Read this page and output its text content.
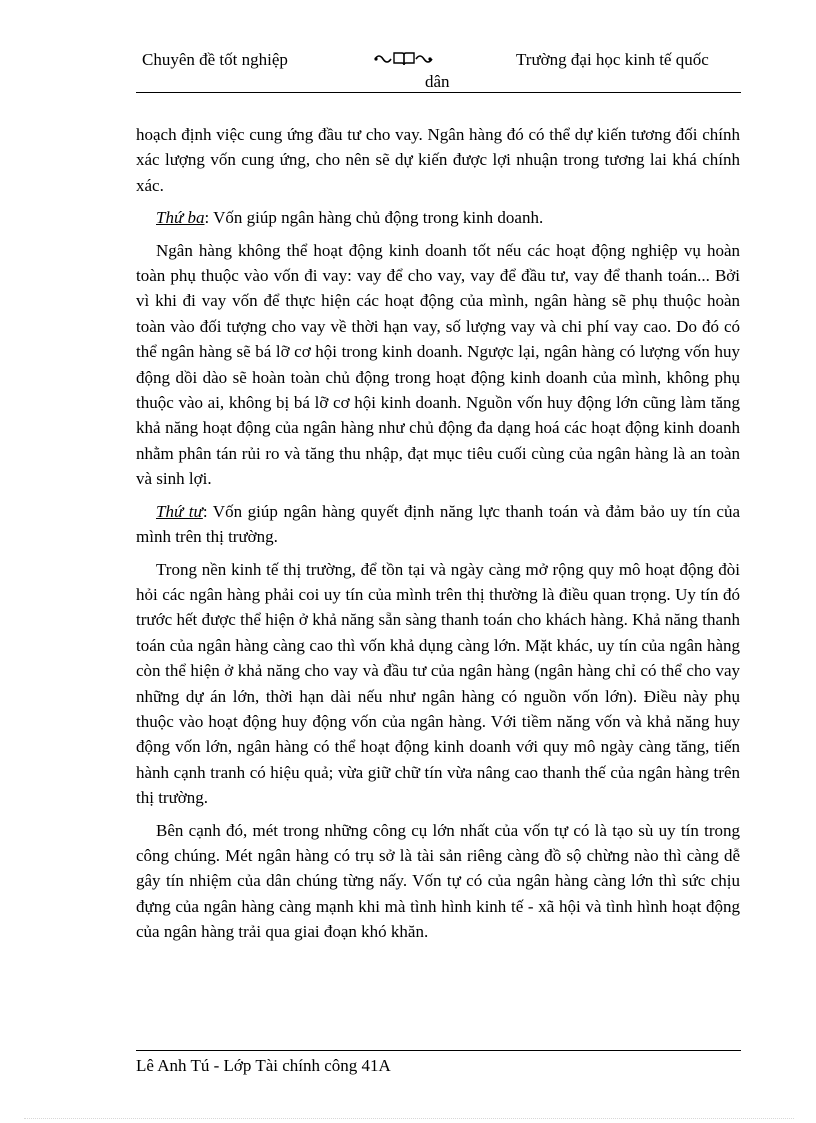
Chuyên đề tốt nghiệp	Trường đại học kinh tế quốc
dân

hoạch định việc cung ứng đầu tư cho vay. Ngân hàng đó có thể dự kiến tương đối chính xác lượng vốn cung ứng, cho nên sẽ dự kiến được lợi nhuận trong tương lai khá chính xác.

Thứ ba: Vốn giúp ngân hàng chủ động trong kinh doanh.

Ngân hàng không thể hoạt động kinh doanh tốt nếu các hoạt động nghiệp vụ hoàn toàn phụ thuộc vào vốn đi vay: vay để cho vay, vay để đầu tư, vay để thanh toán... Bởi vì khi đi vay vốn để thực hiện các hoạt động của mình, ngân hàng sẽ phụ thuộc hoàn toàn vào đối tượng cho vay về thời hạn vay, số lượng vay và chi phí vay cao. Do đó có thể ngân hàng sẽ bá lỡ cơ hội trong kinh doanh. Ngược lại, ngân hàng có lượng vốn huy động dồi dào sẽ hoàn toàn chủ động trong hoạt động kinh doanh của mình, không phụ thuộc vào ai, không bị bá lỡ cơ hội kinh doanh. Nguồn vốn huy động lớn cũng làm tăng khả năng hoạt động của ngân hàng như chủ động đa dạng hoá các hoạt động kinh doanh nhằm phân tán rủi ro và tăng thu nhập, đạt mục tiêu cuối cùng của ngân hàng là an toàn và sinh lợi.

Thứ tư: Vốn giúp ngân hàng quyết định năng lực thanh toán và đảm bảo uy tín của mình trên thị trường.

Trong nền kinh tế thị trường, để tồn tại và ngày càng mở rộng quy mô hoạt động đòi hỏi các ngân hàng phải coi uy tín của mình trên thị thường là điều quan trọng. Uy tín đó trước hết được thể hiện ở khả năng sẵn sàng thanh toán cho khách hàng. Khả năng thanh toán của ngân hàng càng cao thì vốn khả dụng càng lớn. Mặt khác, uy tín của ngân hàng còn thể hiện ở khả năng cho vay và đầu tư của ngân hàng (ngân hàng chỉ có thể cho vay những dự án lớn, thời hạn dài nếu như ngân hàng có nguồn vốn lớn). Điều này phụ thuộc vào hoạt động huy động vốn của ngân hàng. Với tiềm năng vốn và khả năng huy động vốn lớn, ngân hàng có thể hoạt động kinh doanh với quy mô ngày càng tăng, tiến hành cạnh tranh có hiệu quả; vừa giữ chữ tín vừa nâng cao thanh thế của ngân hàng trên thị trường.

Bên cạnh đó, mét trong những công cụ lớn nhất của vốn tự có là tạo sù uy tín trong công chúng. Mét ngân hàng có trụ sở là tài sản riêng càng đồ sộ chừng nào thì càng dễ gây tín nhiệm của dân chúng từng nấy. Vốn tự có của ngân hàng càng lớn thì sức chịu đựng của ngân hàng càng mạnh khi mà tình hình kinh tế - xã hội và tình hình hoạt động của ngân hàng trải qua giai đoạn khó khăn.

Lê Anh Tú - Lớp Tài chính công 41A
